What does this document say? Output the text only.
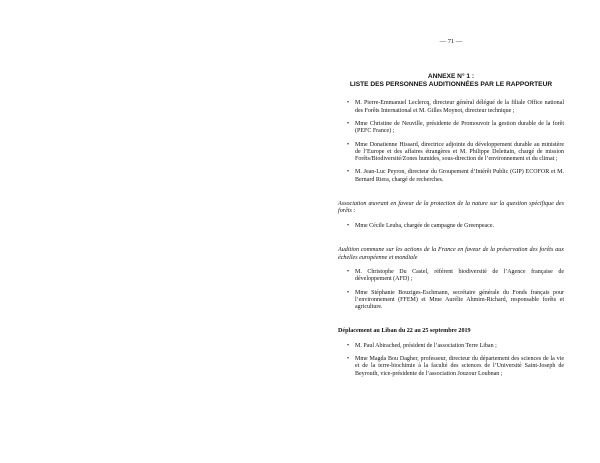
— 71 —
ANNEXE N° 1 :
LISTE DES PERSONNES AUDITIONNÉES PAR LE RAPPORTEUR
• M. Pierre-Emmanuel Leclercq, directeur général délégué de la filiale Office national des Forêts International et M. Gilles Moynot, directeur technique ;
• Mme Christine de Neuville, présidente de Promouvoir la gestion durable de la forêt (PEFC France) ;
• Mme Donatienne Hissard, directrice adjointe du développement durable au ministère de l’Europe et des affaires étrangères et M. Philippe Delettain, chargé de mission Forêts/Biodiversité/Zones humides, sous-direction de l’environnement et du climat ;
• M. Jean-Luc Peyron, directeur du Groupement d’Intérêt Public (GIP) ECOFOR et M. Bernard Riera, chargé de recherches.
Association œuvrant en faveur de la protection de la nature sur la question spécifique des forêts :
• Mme Cécile Leuba, chargée de campagne de Greenpeace.
Audition commune sur les actions de la France en faveur de la préservation des forêts aux échelles européenne et mondiale
• M. Christophe Du Castel, référent biodiversité de l’Agence française de développement (AFD) ;
• Mme Stéphanie Bouziges-Eschmann, secrétaire générale du Fonds français pour l’environnement (FFEM) et Mme Aurélie Ahmim-Richard, responsable forêts et agriculture.
Déplacement au Liban du 22 au 25 septembre 2019
• M. Paul Abirached, président de l’association Terre Liban ;
• Mme Magda Bou Dagher, professeur, directeur du département des sciences de la vie et de la terre-biochimie à la faculté des sciences de l’Université Saint-Joseph de Beyrouth, vice-présidente de l’association Jouzour Loubnan ;
